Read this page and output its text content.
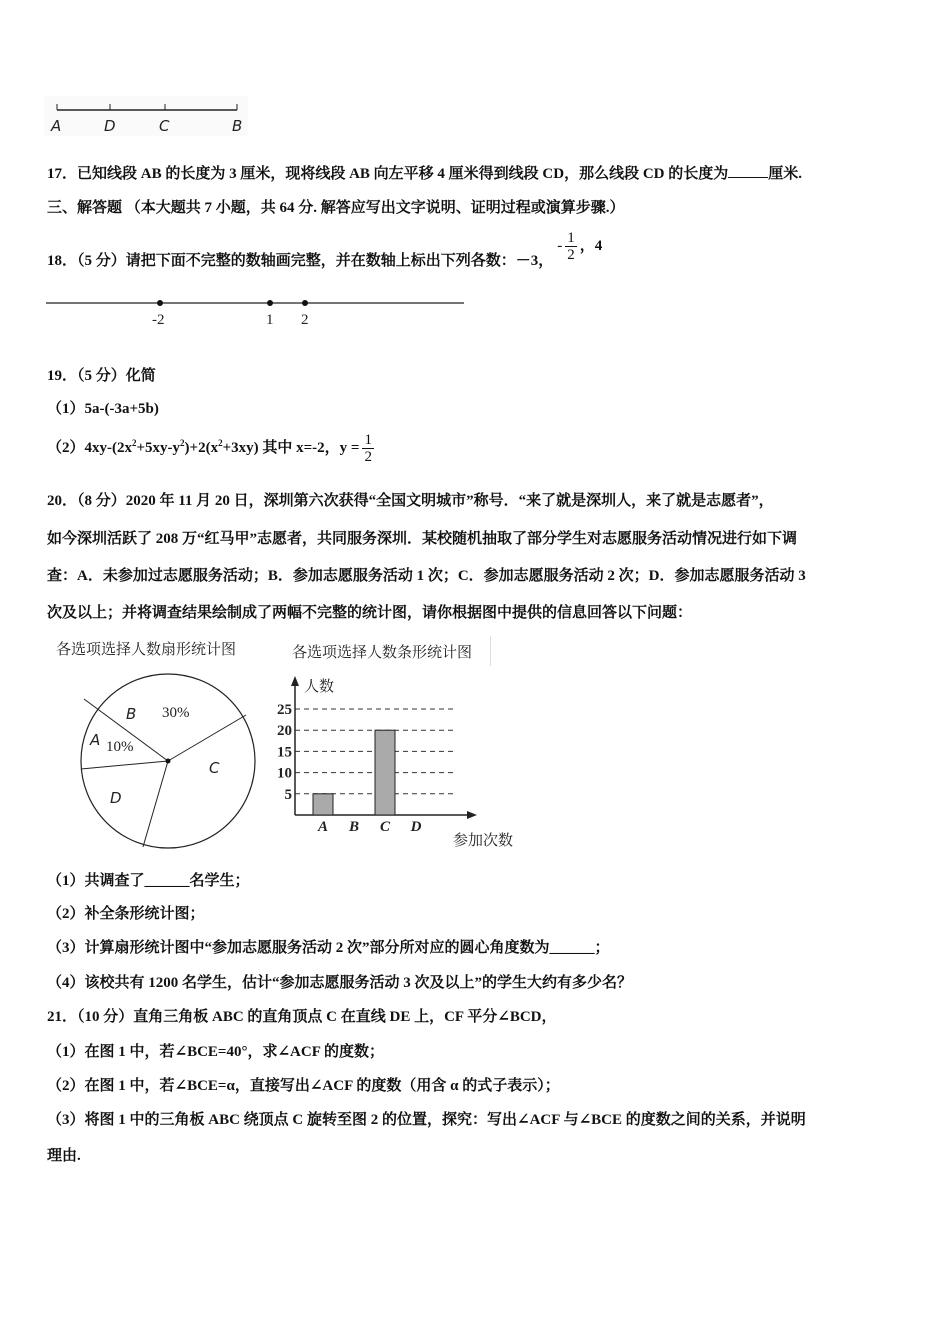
A	D	C	B
17．已知线段 AB 的长度为 3 厘米，现将线段 AB 向左平移 4 厘米得到线段 CD，那么线段 CD 的长度为	厘米.
三、解答题 （本大题共 7 小题，共 64 分. 解答应写出文字说明、证明过程或演算步骤.）
18．（5 分）请把下面不完整的数轴画完整，并在数轴上标出下列各数：－3，- $\frac{1}{2}$ ，4
-2	1 2
19．（5 分）化简
（1）5a-(-3a+5b)
$(2)4xy-(2x^2+5xy-y^2)+2(x^2+3xy)$ 其中 x=-2，$y = \frac{1}{2}$
20．（8 分）2020 年 11 月 20 日，深圳第六次获得“全国文明城市”称号．“来了就是深圳人，来了就是志愿者”，
如今深圳活跃了 208 万“红马甲”志愿者，共同服务深圳．某校随机抽取了部分学生对志愿服务活动情况进行如下调
查：A．未参加过志愿服务活动；B．参加志愿服务活动 1 次；C．参加志愿服务活动 2 次；D．参加志愿服务活动 3
次及以上；并将调查结果绘制成了两幅不完整的统计图，请你根据图中提供的信息回答以下问题：
各选项选择人数扇形统计图
B 30%
A 10%
C
D
各选项选择人数条形统计图
5
10
15
20
25
A B C D
人数
参加次数
（1）共调查了______名学生；
（2）补全条形统计图；
（3）计算扇形统计图中“参加志愿服务活动 2 次”部分所对应的圆心角度数为______；
（4）该校共有 1200 名学生，估计“参加志愿服务活动 3 次及以上”的学生大约有多少名？
21．（10 分）直角三角板 ABC 的直角顶点 C 在直线 DE 上，CF 平分∠BCD，
（1）在图 1 中，若∠BCE=40°，求∠ACF 的度数；
（2）在图 1 中，若∠BCE=α，直接写出∠ACF 的度数（用含 α 的式子表示）；
（3）将图 1 中的三角板 ABC 绕顶点 C 旋转至图 2 的位置，探究：写出∠ACF 与∠BCE 的度数之间的关系，并说明
理由.
